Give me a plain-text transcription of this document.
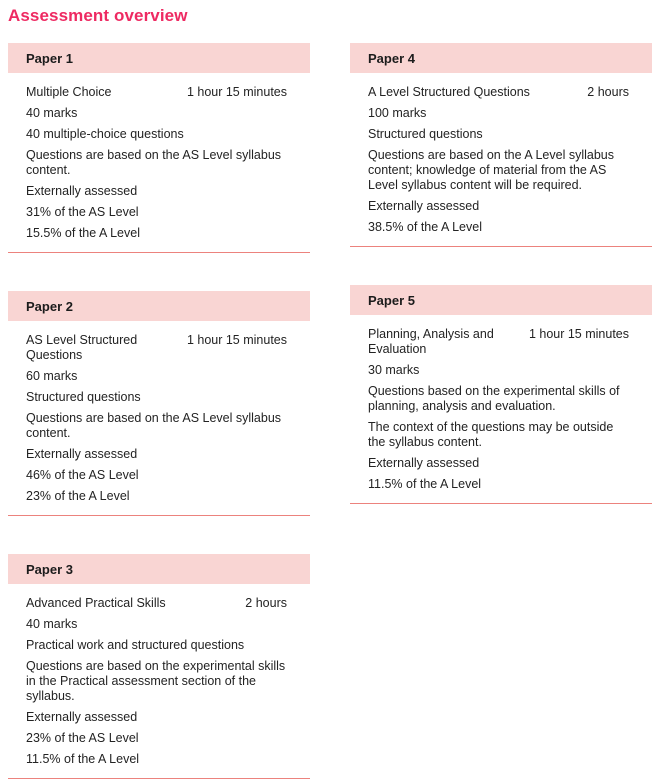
Assessment overview
Paper 1
Multiple Choice	1 hour 15 minutes

40 marks

40 multiple-choice questions

Questions are based on the AS Level syllabus content.

Externally assessed

31% of the AS Level

15.5% of the A Level

Paper 2
AS Level Structured Questions
1 hour 15 minutes

60 marks

Structured questions

Questions are based on the AS Level syllabus content.

Externally assessed

46% of the AS Level

23% of the A Level

Paper 3
Advanced Practical Skills	2 hours

40 marks

Practical work and structured questions

Questions are based on the experimental skills in the Practical assessment section of the syllabus.

Externally assessed

23% of the AS Level

11.5% of the A Level

Paper 4
A Level Structured Questions	2 hours

100 marks

Structured questions

Questions are based on the A Level syllabus content; knowledge of material from the AS Level syllabus content will be required.

Externally assessed

38.5% of the A Level

Paper 5
Planning, Analysis and Evaluation
1 hour 15 minutes

30 marks

Questions based on the experimental skills of planning, analysis and evaluation.

The context of the questions may be outside the syllabus content.

Externally assessed

11.5% of the A Level
